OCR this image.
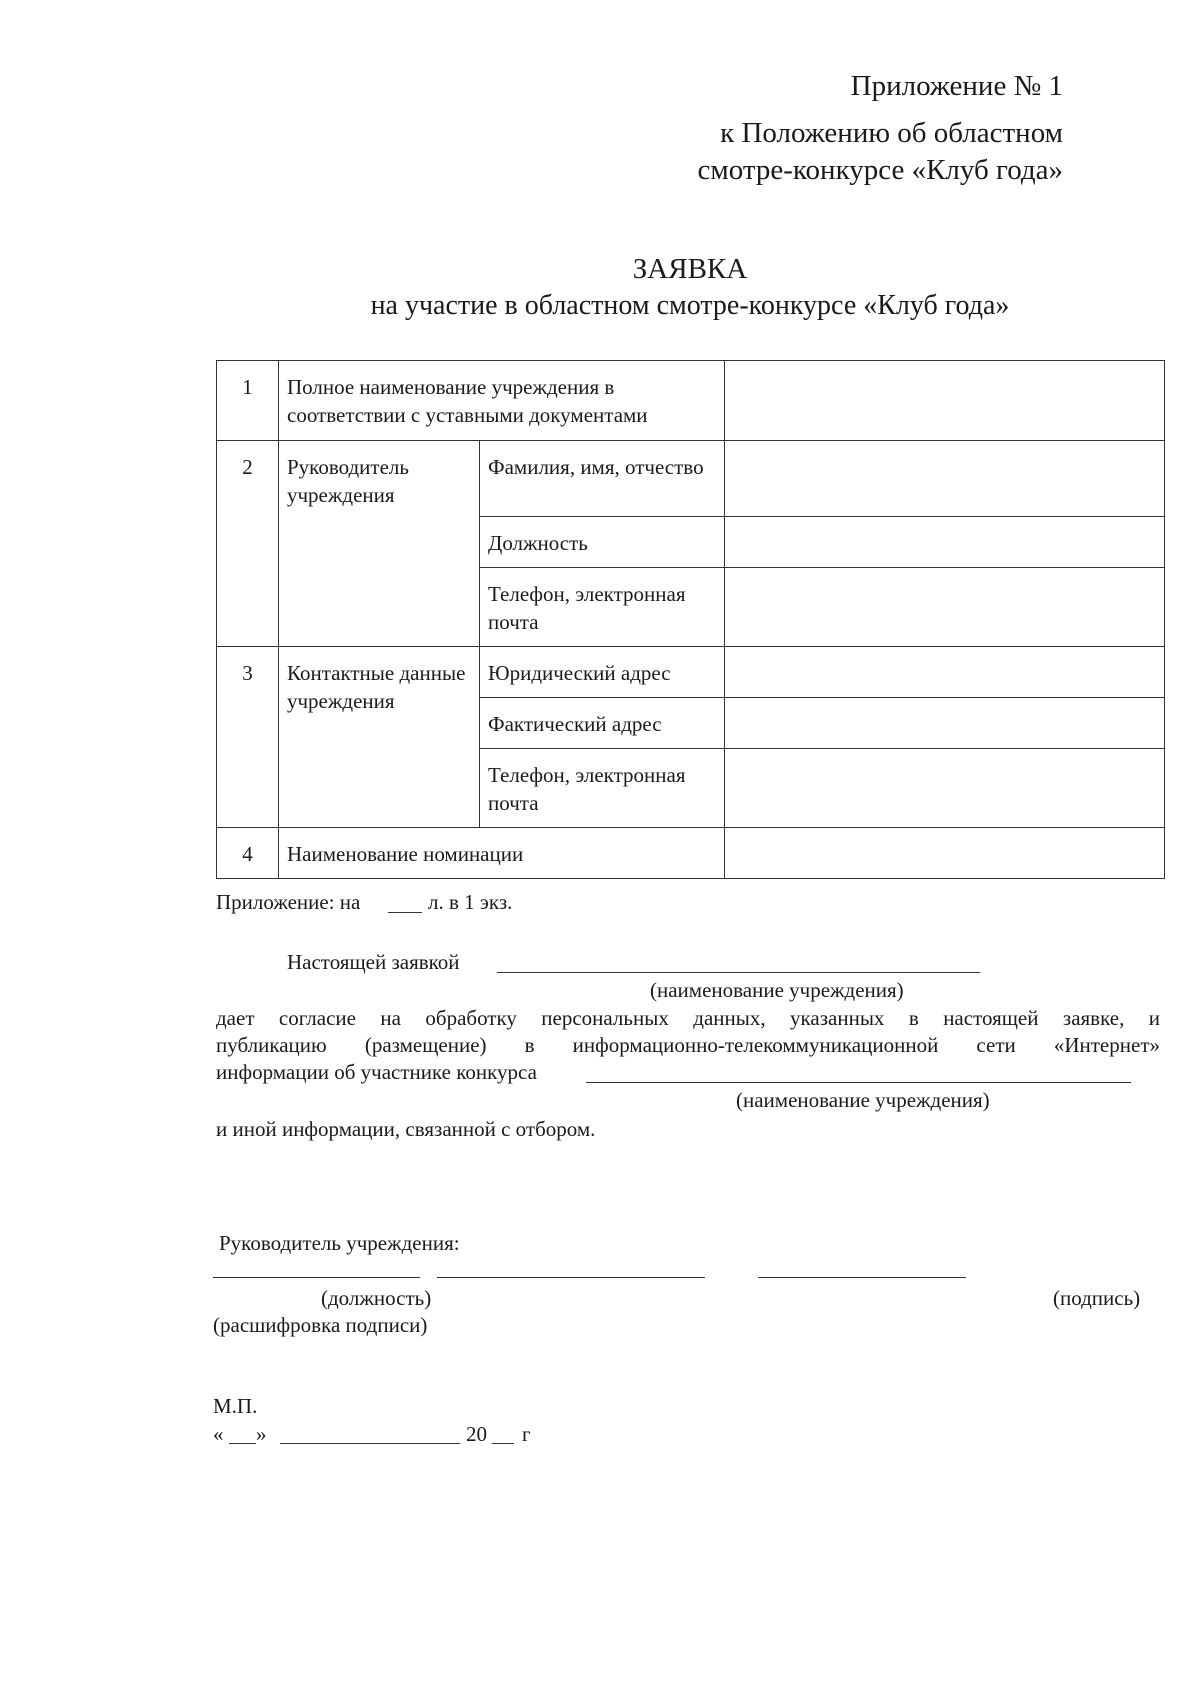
Приложение № 1
к Положению об областном
смотре-конкурсе «Клуб года»
ЗАЯВКА
на участие в областном смотре-конкурсе «Клуб года»
1	Полное наименование учреждения в соответствии с уставными документами		
2	Руководитель учреждения	Фамилия, имя, отчество	
		Должность	
		Телефон, электронная почта	
3	Контактные данные учреждения	Юридический адрес	
		Фактический адрес	
		Телефон, электронная почта	
4	Наименование номинации		
Приложение: на	л. в 1 экз.
Настоящей заявкой
(наименование учреждения)
дает согласие на обработку персональных данных, указанных в настоящей заявке, и
публикацию (размещение) в информационно-телекоммуникационной сети «Интернет»
информации об участнике конкурса
(наименование учреждения)
и иной информации, связанной с отбором.
Руководитель учреждения:
(должность)	(подпись)
(расшифровка подписи)
М.П.
« »	20 г
